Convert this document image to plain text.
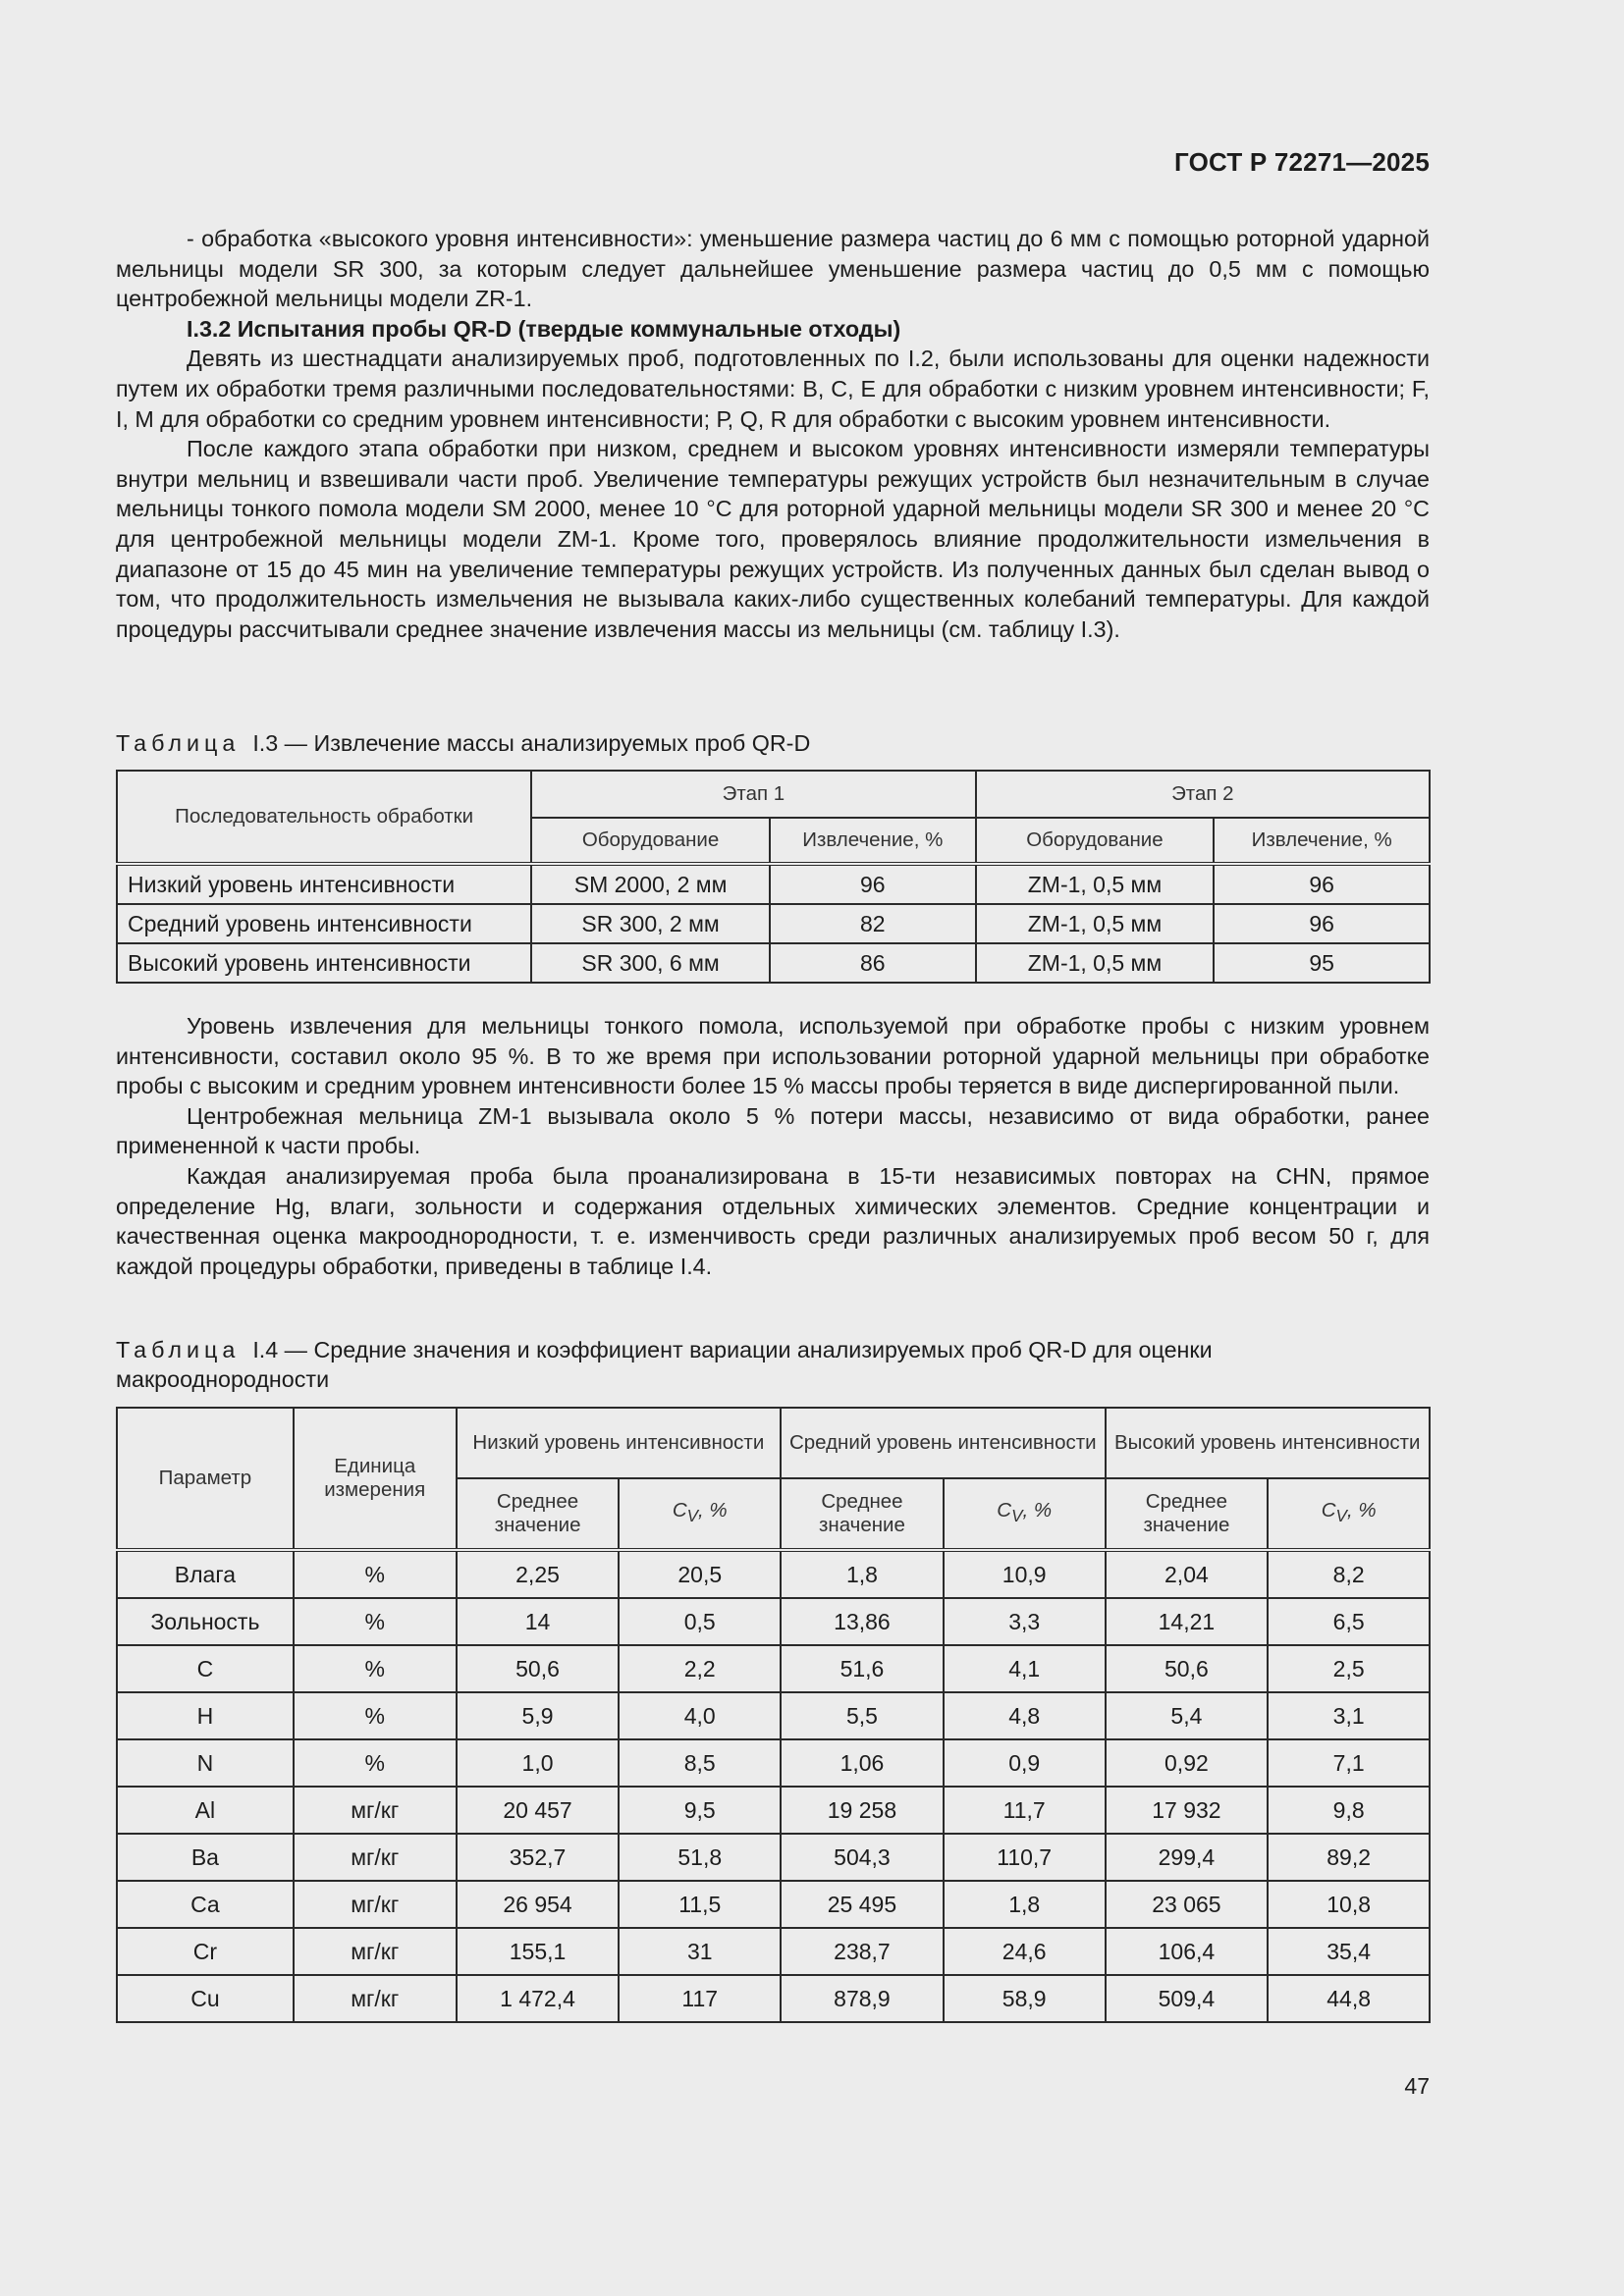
ГОСТ Р 72271—2025

- обработка «высокого уровня интенсивности»: уменьшение размера частиц до 6 мм с помощью роторной ударной мельницы модели SR 300, за которым следует дальнейшее уменьшение размера частиц до 0,5 мм с помощью центробежной мельницы модели ZR-1.

I.3.2 Испытания пробы QR-D (твердые коммунальные отходы)

Девять из шестнадцати анализируемых проб, подготовленных по I.2, были использованы для оценки надежности путем их обработки тремя различными последовательностями: В, С, Е для обработки с низким уровнем интенсивности; F, I, М для обработки со средним уровнем интенсивности; Р, Q, R для обработки с высоким уровнем интенсивности.

После каждого этапа обработки при низком, среднем и высоком уровнях интенсивности измеряли температуры внутри мельниц и взвешивали части проб. Увеличение температуры режущих устройств был незначительным в случае мельницы тонкого помола модели SM 2000, менее 10 °С для роторной ударной мельницы модели SR 300 и менее 20 °С для центробежной мельницы модели ZM-1. Кроме того, проверялось влияние продолжительности измельчения в диапазоне от 15 до 45 мин на увеличение температуры режущих устройств. Из полученных данных был сделан вывод о том, что продолжительность измельчения не вызывала каких-либо существенных колебаний температуры. Для каждой процедуры рассчитывали среднее значение извлечения массы из мельницы (см. таблицу I.3).

Таблица I.3 — Извлечение массы анализируемых проб QR-D

Последовательность обработки	Этап 1		Этап 2	
	Оборудование	Извлечение, %	Оборудование	Извлечение, %
Низкий уровень интенсивности	SM 2000, 2 мм	96	ZM-1, 0,5 мм	96
Средний уровень интенсивности	SR 300, 2 мм	82	ZM-1, 0,5 мм	96
Высокий уровень интенсивности	SR 300, 6 мм	86	ZM-1, 0,5 мм	95

Уровень извлечения для мельницы тонкого помола, используемой при обработке пробы с низким уровнем интенсивности, составил около 95 %. В то же время при использовании роторной ударной мельницы при обработке пробы с высоким и средним уровнем интенсивности более 15 % массы пробы теряется в виде диспергированной пыли.

Центробежная мельница ZM-1 вызывала около 5 % потери массы, независимо от вида обработки, ранее примененной к части пробы.

Каждая анализируемая проба была проанализирована в 15-ти независимых повторах на CHN, прямое определение Hg, влаги, зольности и содержания отдельных химических элементов. Средние концентрации и качественная оценка макрооднородности, т. е. изменчивость среди различных анализируемых проб весом 50 г, для каждой процедуры обработки, приведены в таблице I.4.

Таблица I.4 — Средние значения и коэффициент вариации анализируемых проб QR-D для оценки макрооднородности

Параметр	Единица измерения	Низкий уровень интенсивности		Средний уровень интенсивности		Высокий уровень интенсивности	
		Среднее значение	$C_V$, %	Среднее значение	$C_V$, %	Среднее значение	$C_V$, %
Влага	%	2,25	20,5	1,8	10,9	2,04	8,2
Зольность	%	14	0,5	13,86	3,3	14,21	6,5
С	%	50,6	2,2	51,6	4,1	50,6	2,5
Н	%	5,9	4,0	5,5	4,8	5,4	3,1
N	%	1,0	8,5	1,06	0,9	0,92	7,1
Al	мг/кг	20 457	9,5	19 258	11,7	17 932	9,8
Ва	мг/кг	352,7	51,8	504,3	110,7	299,4	89,2
Са	мг/кг	26 954	11,5	25 495	1,8	23 065	10,8
Cr	мг/кг	155,1	31	238,7	24,6	106,4	35,4
Cu	мг/кг	1 472,4	117	878,9	58,9	509,4	44,8
47
